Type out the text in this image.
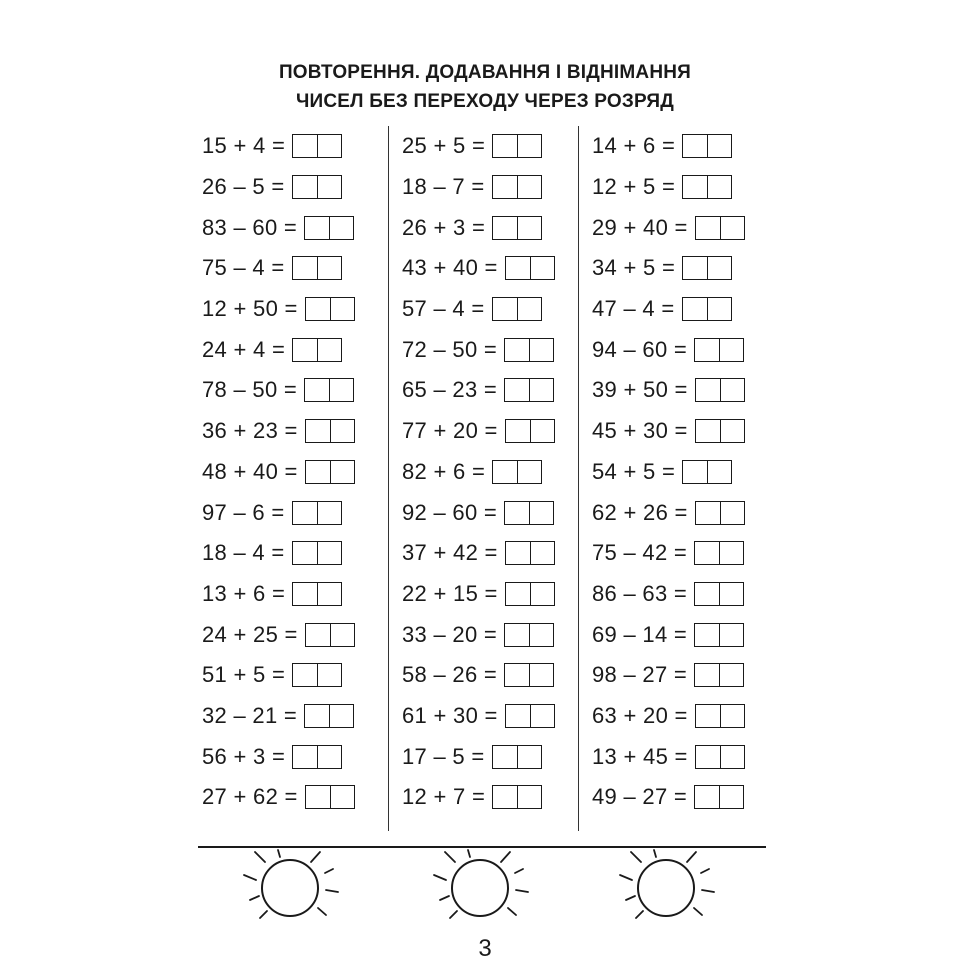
ПОВТОРЕННЯ. ДОДАВАННЯ І ВІДНІМАННЯ
ЧИСЕЛ БЕЗ ПЕРЕХОДУ ЧЕРЕЗ РОЗРЯД
15 + 4 =
26 – 5 =
83 – 60 =
75 – 4 =
12 + 50 =
24 + 4 =
78 – 50 =
36 + 23 =
48 + 40 =
97 – 6 =
18 – 4 =
13 + 6 =
24 + 25 =
51 + 5 =
32 – 21 =
56 + 3 =
27 + 62 =
25 + 5 =
18 – 7 =
26 + 3 =
43 + 40 =
57 – 4 =
72 – 50 =
65 – 23 =
77 + 20 =
82 + 6 =
92 – 60 =
37 + 42 =
22 + 15 =
33 – 20 =
58 – 26 =
61 + 30 =
17 – 5 =
12 + 7 =
14 + 6 =
12 + 5 =
29 + 40 =
34 + 5 =
47 – 4 =
94 – 60 =
39 + 50 =
45 + 30 =
54 + 5 =
62 + 26 =
75 – 42 =
86 – 63 =
69 – 14 =
98 – 27 =
63 + 20 =
13 + 45 =
49 – 27 =
3
